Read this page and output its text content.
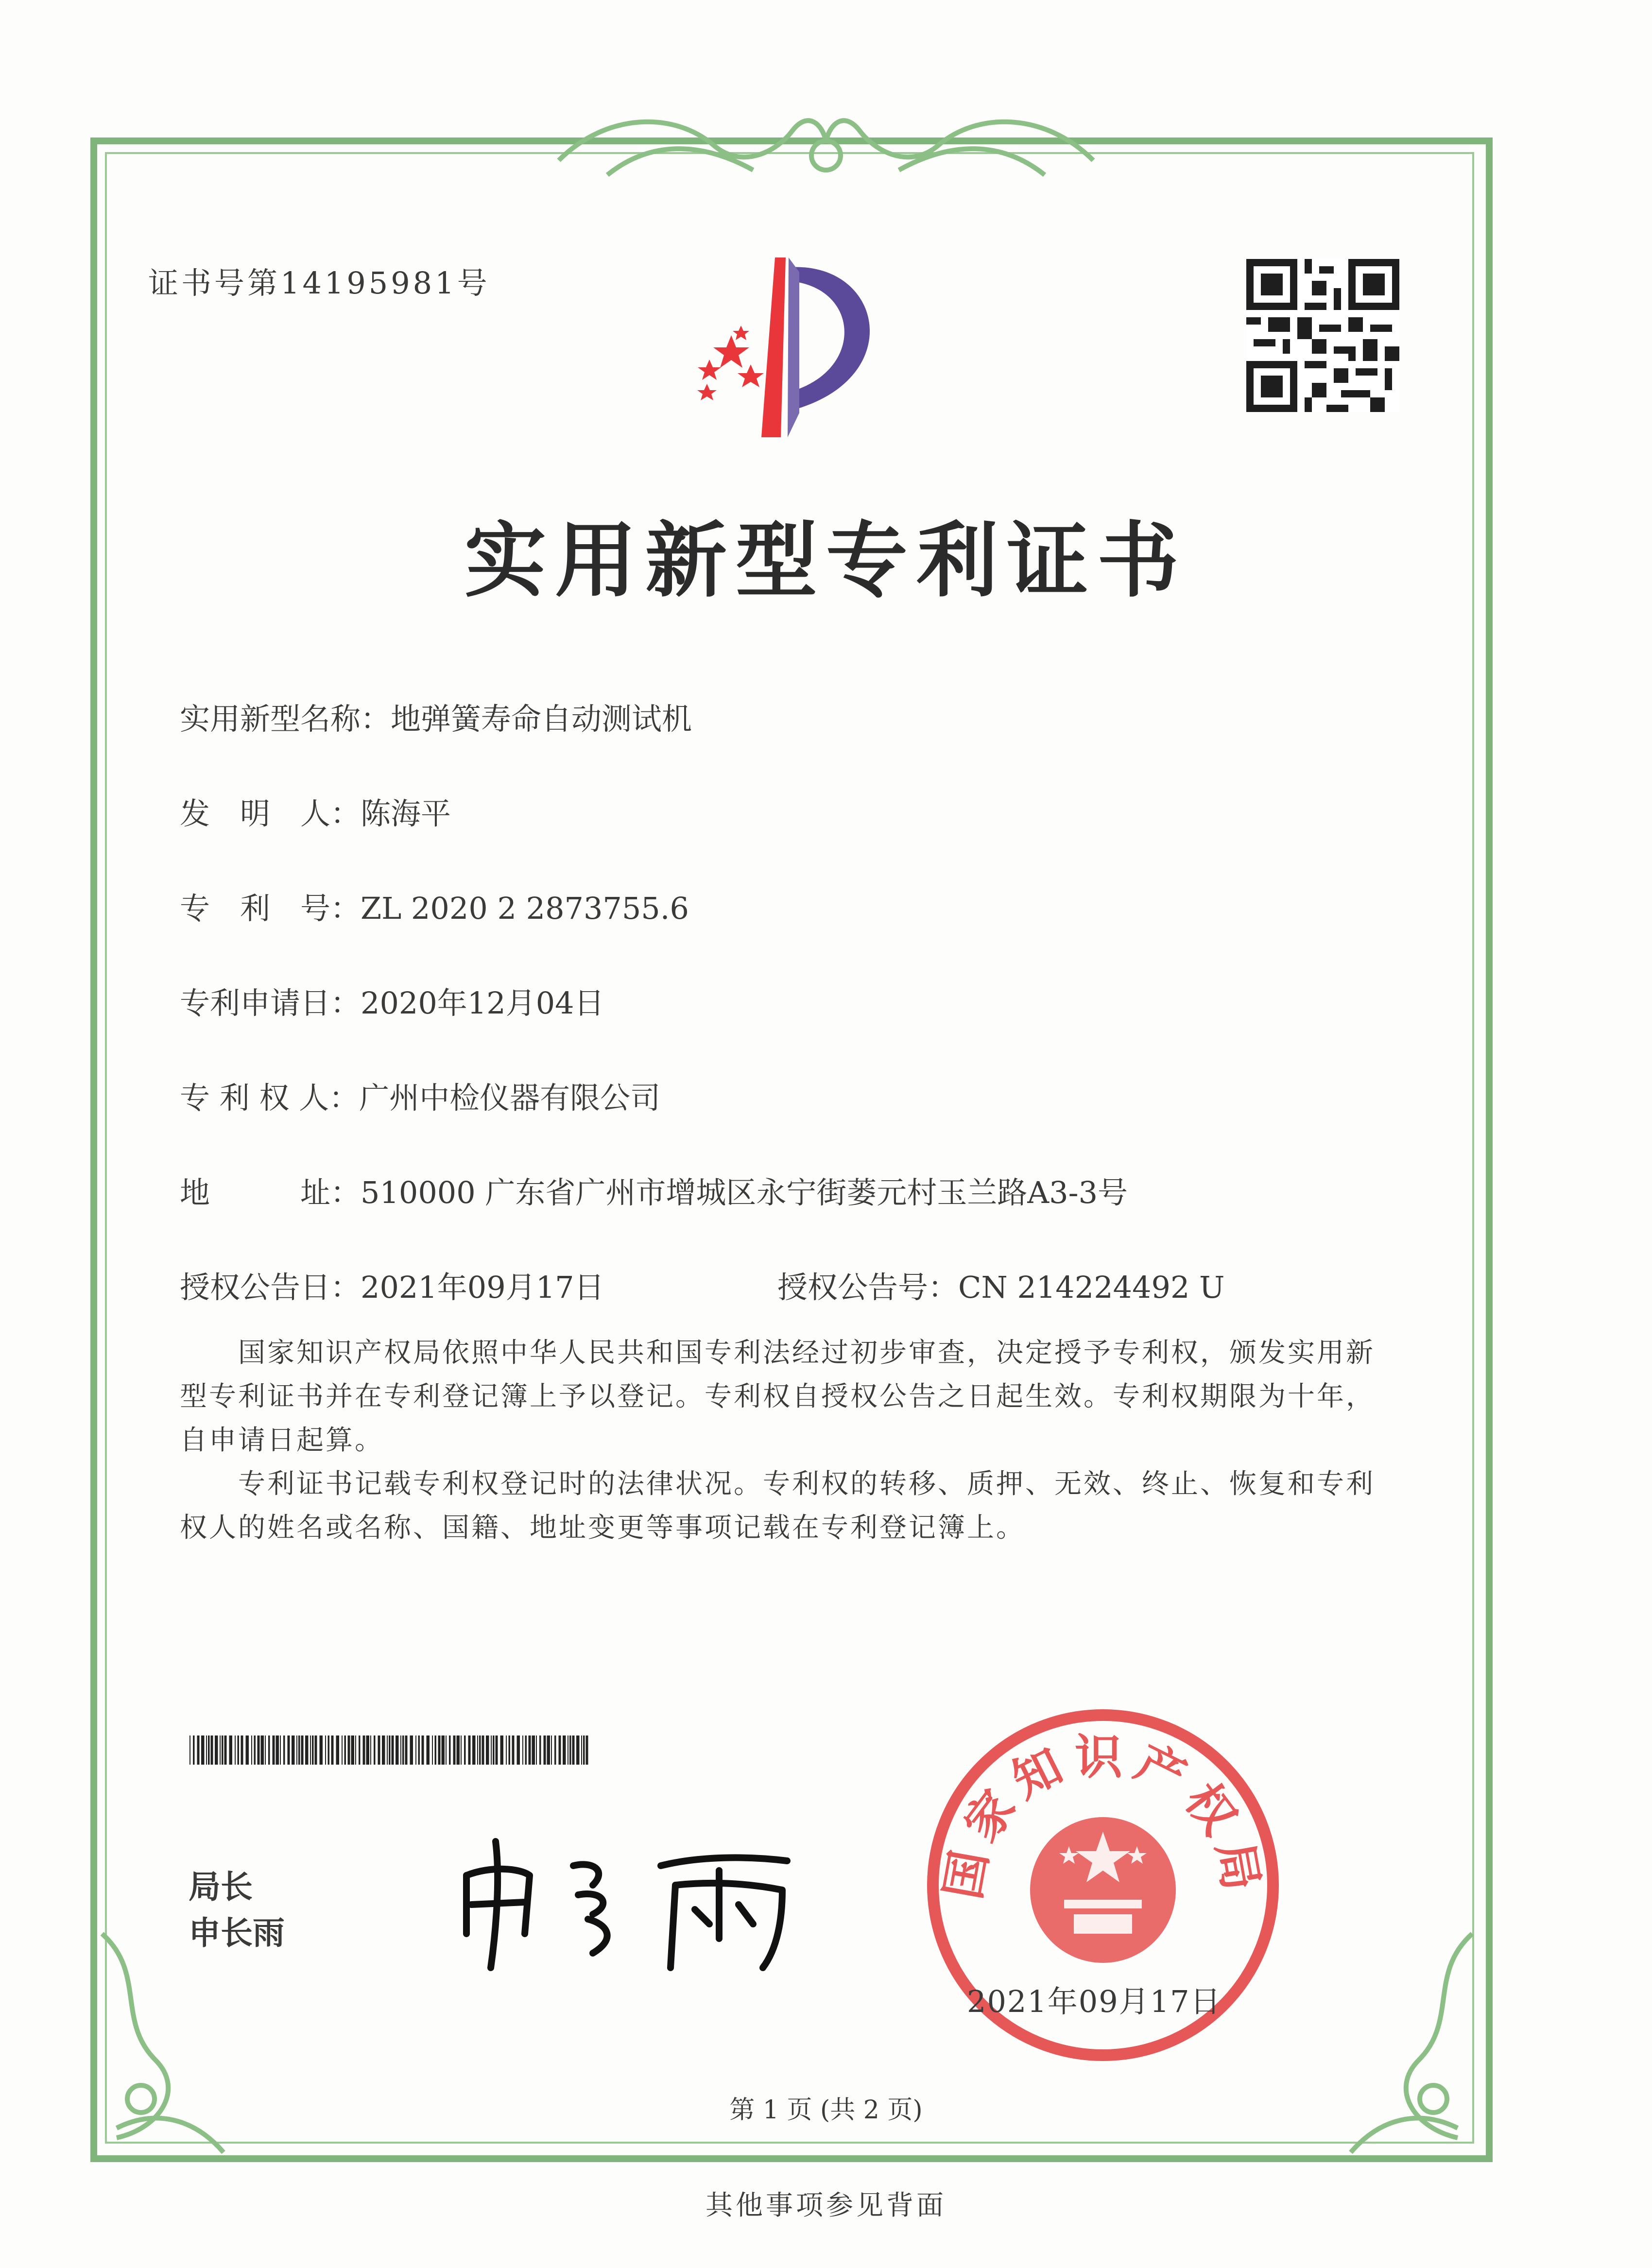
证书号第14195981号
实用新型专利证书
实用新型名称：地弹簧寿命自动测试机
发　明　人：陈海平
专　利　号：ZL 2020 2 2873755.6
专利申请日：2020年12月04日
专 利 权 人：广州中检仪器有限公司
地　　　址：510000 广东省广州市增城区永宁街蒌元村玉兰路A3-3号
授权公告日：2021年09月17日	授权公告号：CN 214224492 U

国家知识产权局依照中华人民共和国专利法经过初步审查，决定授予专利权，颁发实用新型专利证书并在专利登记簿上予以登记。专利权自授权公告之日起生效。专利权期限为十年，自申请日起算。

专利证书记载专利权登记时的法律状况。专利权的转移、质押、无效、终止、恢复和专利权人的姓名或名称、国籍、地址变更等事项记载在专利登记簿上。

局长
申长雨
国家知识产权局
2021年09月17日
第 1 页 (共 2 页)
其他事项参见背面
